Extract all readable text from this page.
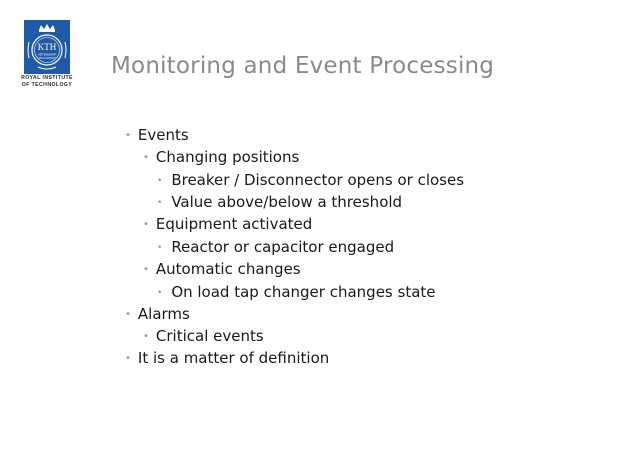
KTH
VETENSKAP
OCH KONST
ROYAL INSTITUTE
OF TECHNOLOGY
Monitoring and Event Processing
• Events
• Changing positions
• Breaker / Disconnector opens or closes
• Value above/below a threshold
• Equipment activated
• Reactor or capacitor engaged
• Automatic changes
• On load tap changer changes state
• Alarms
• Critical events
• It is a matter of definition
